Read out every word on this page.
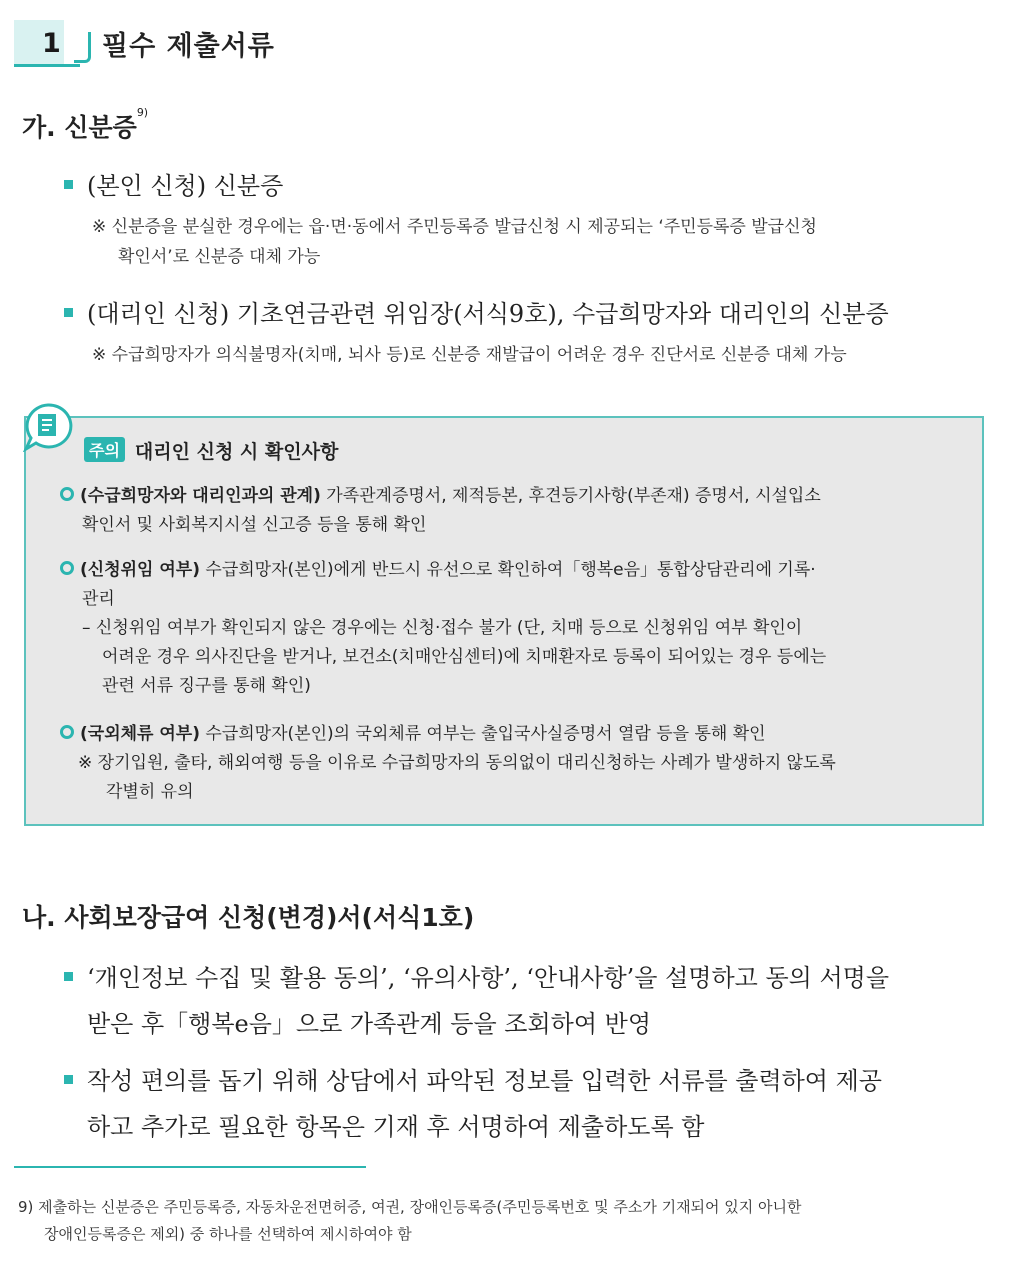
1 필수 제출서류
가. 신분증$^{9)}$
(본인 신청) 신분증
※ 신분증을 분실한 경우에는 읍·면·동에서 주민등록증 발급신청 시 제공되는 ‘주민등록증 발급신청
확인서’로 신분증 대체 가능
(대리인 신청) 기초연금관련 위임장(서식9호), 수급희망자와 대리인의 신분증
※ 수급희망자가 의식불명자(치매, 뇌사 등)로 신분증 재발급이 어려운 경우 진단서로 신분증 대체 가능
주의 대리인 신청 시 확인사항
(수급희망자와 대리인과의 관계) 가족관계증명서, 제적등본, 후견등기사항(부존재) 증명서, 시설입소
확인서 및 사회복지시설 신고증 등을 통해 확인
(신청위임 여부) 수급희망자(본인)에게 반드시 유선으로 확인하여「행복e음」통합상담관리에 기록·
관리
– 신청위임 여부가 확인되지 않은 경우에는 신청·접수 불가 (단, 치매 등으로 신청위임 여부 확인이
어려운 경우 의사진단을 받거나, 보건소(치매안심센터)에 치매환자로 등록이 되어있는 경우 등에는
관련 서류 징구를 통해 확인)
(국외체류 여부) 수급희망자(본인)의 국외체류 여부는 출입국사실증명서 열람 등을 통해 확인
※ 장기입원, 출타, 해외여행 등을 이유로 수급희망자의 동의없이 대리신청하는 사례가 발생하지 않도록
각별히 유의
나. 사회보장급여 신청(변경)서(서식1호)
‘개인정보 수집 및 활용 동의’, ‘유의사항’, ‘안내사항’을 설명하고 동의 서명을
받은 후「행복e음」으로 가족관계 등을 조회하여 반영
작성 편의를 돕기 위해 상담에서 파악된 정보를 입력한 서류를 출력하여 제공
하고 추가로 필요한 항목은 기재 후 서명하여 제출하도록 함
9) 제출하는 신분증은 주민등록증, 자동차운전면허증, 여권, 장애인등록증(주민등록번호 및 주소가 기재되어 있지 아니한
장애인등록증은 제외) 중 하나를 선택하여 제시하여야 함
